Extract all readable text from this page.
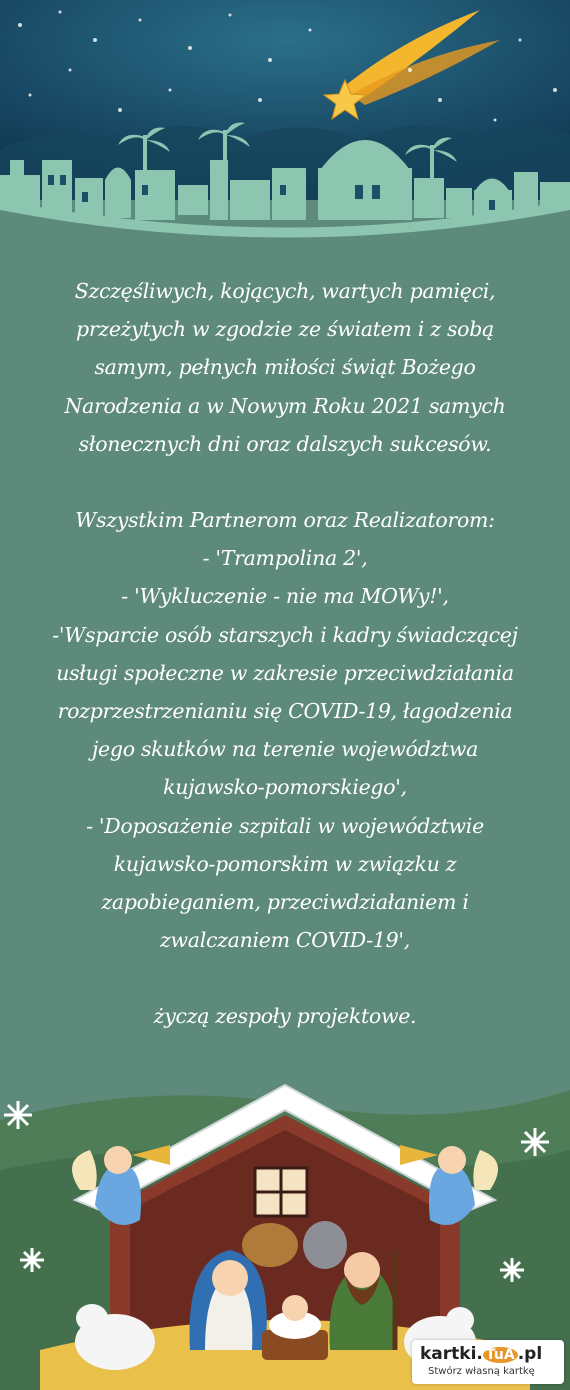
Szczęśliwych, kojących, wartych pamięci,

przeżytych w zgodzie ze światem i z sobą

samym, pełnych miłości świąt Bożego

Narodzenia a w Nowym Roku 2021 samych

słonecznych dni oraz dalszych sukcesów.

Wszystkim Partnerom oraz Realizatorom:

- 'Trampolina 2',

- 'Wykluczenie - nie ma MOWy!',

-'Wsparcie osób starszych i kadry świadczącej

usługi społeczne w zakresie przeciwdziałania

rozprzestrzenianiu się COVID-19, łagodzenia

jego skutków na terenie województwa

kujawsko-pomorskiego',

- 'Doposażenie szpitali w województwie

kujawsko-pomorskim w związku z

zapobieganiem, przeciwdziałaniem i

zwalczaniem COVID-19',

życzą zespoły projektowe.

kartki. TuA .pl
Stwórz własną kartkę
